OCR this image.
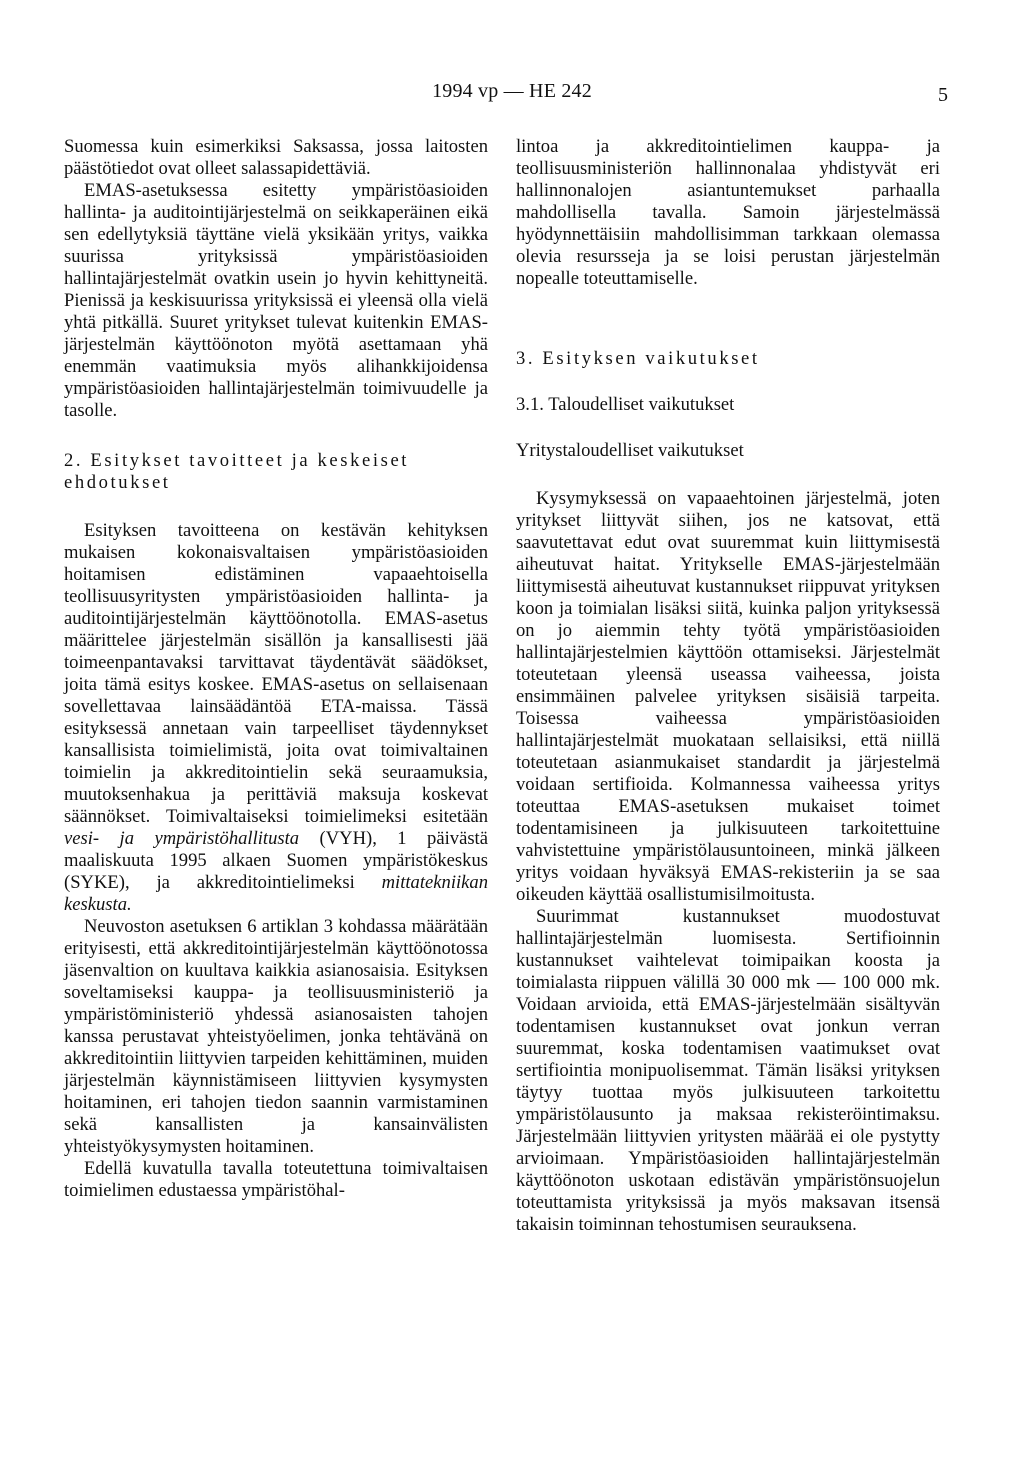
1994 vp — HE 242	5

Suomessa kuin esimerkiksi Saksassa, jossa laitosten päästötiedot ovat olleet salassapidettäviä.

EMAS-asetuksessa esitetty ympäristöasioiden hallinta- ja auditointijärjestelmä on seikkaperäinen eikä sen edellytyksiä täyttäne vielä yksikään yritys, vaikka suurissa yrityksissä ympäristöasioiden hallintajärjestelmät ovatkin usein jo hyvin kehittyneitä. Pienissä ja keskisuurissa yrityksissä ei yleensä olla vielä yhtä pitkällä. Suuret yritykset tulevat kuitenkin EMAS-järjestelmän käyttöönoton myötä asettamaan yhä enemmän vaatimuksia myös alihankkijoidensa ympäristöasioiden hallintajärjestelmän toimivuudelle ja tasolle.

2. Esitykset tavoitteet ja keskeiset ehdotukset

Esityksen tavoitteena on kestävän kehityksen mukaisen kokonaisvaltaisen ympäristöasioiden hoitamisen edistäminen vapaaehtoisella teollisuusyritysten ympäristöasioiden hallinta- ja auditointijärjestelmän käyttöönotolla. EMAS-asetus määrittelee järjestelmän sisällön ja kansallisesti jää toimeenpantavaksi tarvittavat täydentävät säädökset, joita tämä esitys koskee. EMAS-asetus on sellaisenaan sovellettavaa lainsäädäntöä ETA-maissa. Tässä esityksessä annetaan vain tarpeelliset täydennykset kansallisista toimielimistä, joita ovat toimivaltainen toimielin ja akkreditointielin sekä seuraamuksia, muutoksenhakua ja perittäviä maksuja koskevat säännökset. Toimivaltaiseksi toimielimeksi esitetään vesi- ja ympäristöhallitusta (VYH), 1 päivästä maaliskuuta 1995 alkaen Suomen ympäristökeskus (SYKE), ja akkreditointielimeksi mittatekniikan keskusta.

Neuvoston asetuksen 6 artiklan 3 kohdassa määrätään erityisesti, että akkreditointijärjestelmän käyttöönotossa jäsenvaltion on kuultava kaikkia asianosaisia. Esityksen soveltamiseksi kauppa- ja teollisuusministeriö ja ympäristöministeriö yhdessä asianosaisten tahojen kanssa perustavat yhteistyöelimen, jonka tehtävänä on akkreditointiin liittyvien tarpeiden kehittäminen, muiden järjestelmän käynnistämiseen liittyvien kysymysten hoitaminen, eri tahojen tiedon saannin varmistaminen sekä kansallisten ja kansainvälisten yhteistyökysymysten hoitaminen.

Edellä kuvatulla tavalla toteutettuna toimivaltaisen toimielimen edustaessa ympäristöhal-

lintoa ja akkreditointielimen kauppa- ja teollisuusministeriön hallinnonalaa yhdistyvät eri hallinnonalojen asiantuntemukset parhaalla mahdollisella tavalla. Samoin järjestelmässä hyödynnettäisiin mahdollisimman tarkkaan olemassa olevia resursseja ja se loisi perustan järjestelmän nopealle toteuttamiselle.

3. Esityksen vaikutukset
3.1. Taloudelliset vaikutukset
Yritystaloudelliset vaikutukset

Kysymyksessä on vapaaehtoinen järjestelmä, joten yritykset liittyvät siihen, jos ne katsovat, että saavutettavat edut ovat suuremmat kuin liittymisestä aiheutuvat haitat. Yritykselle EMAS-järjestelmään liittymisestä aiheutuvat kustannukset riippuvat yrityksen koon ja toimialan lisäksi siitä, kuinka paljon yrityksessä on jo aiemmin tehty työtä ympäristöasioiden hallintajärjestelmien käyttöön ottamiseksi. Järjestelmät toteutetaan yleensä useassa vaiheessa, joista ensimmäinen palvelee yrityksen sisäisiä tarpeita. Toisessa vaiheessa ympäristöasioiden hallintajärjestelmät muokataan sellaisiksi, että niillä toteutetaan asianmukaiset standardit ja järjestelmä voidaan sertifioida. Kolmannessa vaiheessa yritys toteuttaa EMAS-asetuksen mukaiset toimet todentamisineen ja julkisuuteen tarkoitettuine vahvistettuine ympäristölausuntoineen, minkä jälkeen yritys voidaan hyväksyä EMAS-rekisteriin ja se saa oikeuden käyttää osallistumisilmoitusta.

Suurimmat kustannukset muodostuvat hallintajärjestelmän luomisesta. Sertifioinnin kustannukset vaihtelevat toimipaikan koosta ja toimialasta riippuen välillä 30 000 mk — 100 000 mk. Voidaan arvioida, että EMAS-järjestelmään sisältyvän todentamisen kustannukset ovat jonkun verran suuremmat, koska todentamisen vaatimukset ovat sertifiointia monipuolisemmat. Tämän lisäksi yrityksen täytyy tuottaa myös julkisuuteen tarkoitettu ympäristölausunto ja maksaa rekisteröintimaksu. Järjestelmään liittyvien yritysten määrää ei ole pystytty arvioimaan. Ympäristöasioiden hallintajärjestelmän käyttöönoton uskotaan edistävän ympäristönsuojelun toteuttamista yrityksissä ja myös maksavan itsensä takaisin toiminnan tehostumisen seurauksena.
